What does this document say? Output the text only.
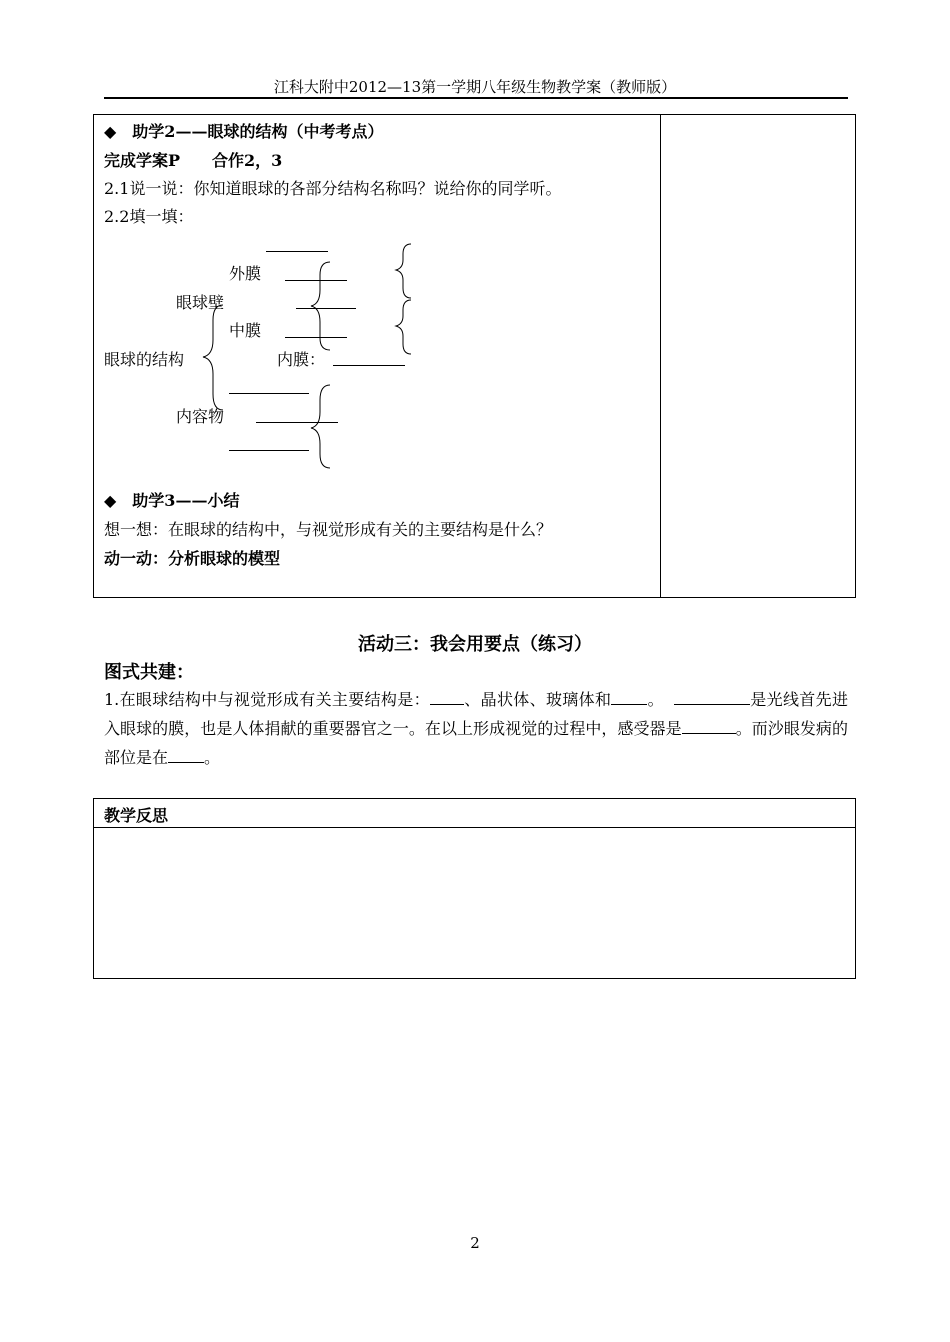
江科大附中2012—13第一学期八年级生物教学案（教师版）
◆　助学2——眼球的结构（中考考点）
完成学案P　　合作2，3
2.1说一说：你知道眼球的各部分结构名称吗？说给你的同学听。
2.2填一填：
外膜
眼球壁
中膜
眼球的结构	内膜：
内容物
◆　助学3——小结
想一想：在眼球的结构中，与视觉形成有关的主要结构是什么？
动一动：分析眼球的模型
活动三：我会用要点（练习）
图式共建：
1.在眼球结构中与视觉形成有关主要结构是： 、晶状体、玻璃体和 。	是光线首先进入眼球的膜，也是人体捐献的重要器官之一。在以上形成视觉的过程中，感受器是	。而沙眼发病的部位是在 。
教学反思
2
